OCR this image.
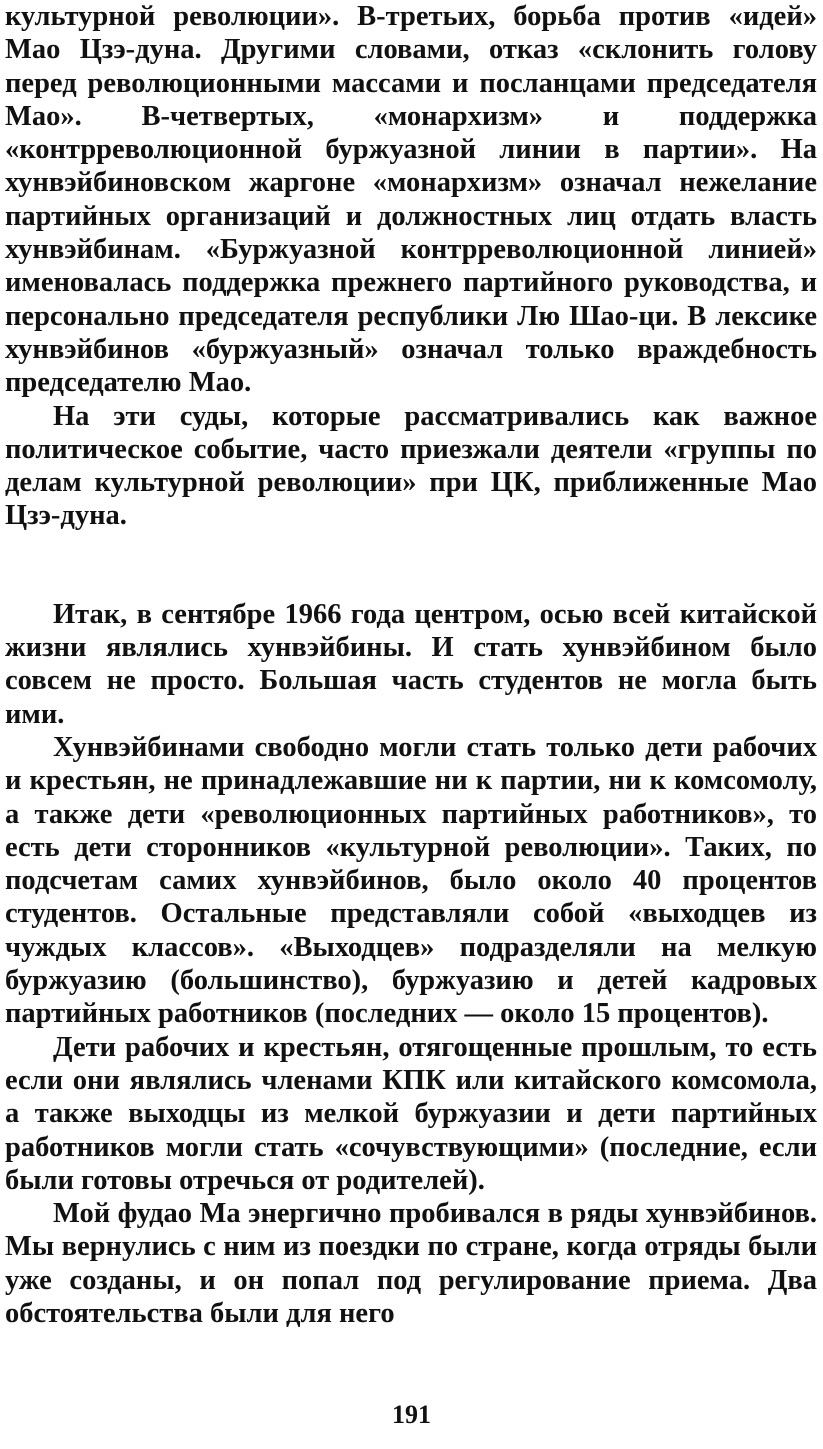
культурной революции». В-третьих, борьба против «идей» Мао Цзэ-дуна. Другими словами, отказ «склонить голову перед революционными массами и посланцами председателя Мао». В-четвертых, «монархизм» и поддержка «контрреволюционной буржуазной линии в партии». На хунвэйбиновском жаргоне «монархизм» означал нежелание партийных организаций и должностных лиц отдать власть хунвэйбинам. «Буржуазной контрреволюционной линией» именовалась поддержка прежнего партийного руководства, и персонально председателя республики Лю Шао-ци. В лексике хунвэйбинов «буржуазный» означал только враждебность председателю Мао.

На эти суды, которые рассматривались как важное политическое событие, часто приезжали деятели «группы по делам культурной революции» при ЦК, приближенные Мао Цзэ-дуна.

Итак, в сентябре 1966 года центром, осью всей китайской жизни являлись хунвэйбины. И стать хунвэйбином было совсем не просто. Большая часть студентов не могла быть ими.

Хунвэйбинами свободно могли стать только дети рабочих и крестьян, не принадлежавшие ни к партии, ни к комсомолу, а также дети «революционных партийных работников», то есть дети сторонников «культурной революции». Таких, по подсчетам самих хунвэйбинов, было около 40 процентов студентов. Остальные представляли собой «выходцев из чуждых классов». «Выходцев» подразделяли на мелкую буржуазию (большинство), буржуазию и детей кадровых партийных работников (последних — около 15 процентов).

Дети рабочих и крестьян, отягощенные прошлым, то есть если они являлись членами КПК или китайского комсомола, а также выходцы из мелкой буржуазии и дети партийных работников могли стать «сочувствующими» (последние, если были готовы отречься от родителей).

Мой фудао Ма энергично пробивался в ряды хунвэйбинов. Мы вернулись с ним из поездки по стране, когда отряды были уже созданы, и он попал под регулирование приема. Два обстоятельства были для него

191
